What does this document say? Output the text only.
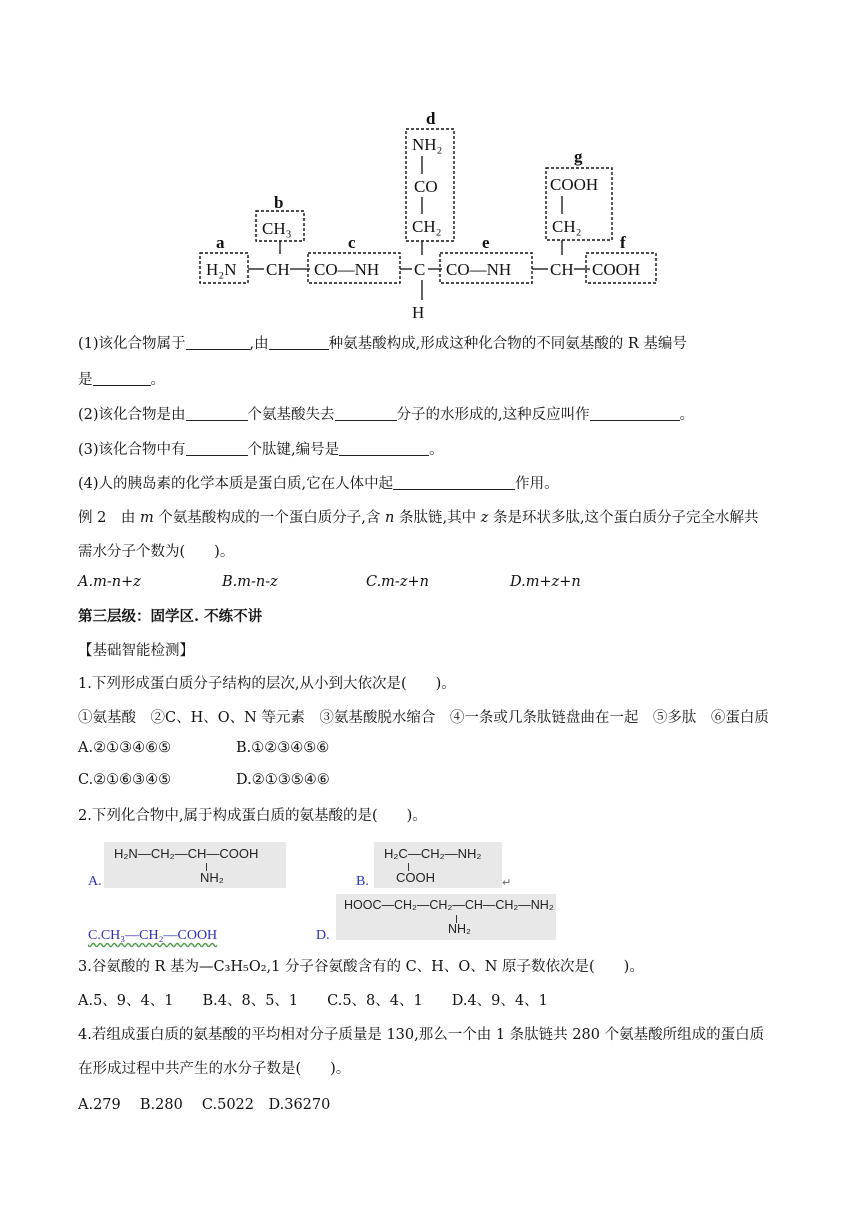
a
b
c
d
e	f
g
H₂N
CH₃
CH CO—NH C CO—NH CH COOH
H
NH₂
CO
CH₂
COOH
CH₂
(1)该化合物属于	,由	种氨基酸构成,形成这种化合物的不同氨基酸的 R 基编号
是	。
(2)该化合物是由	个氨基酸失去	分子的水形成的,这种反应叫作	。
(3)该化合物中有	个肽键,编号是	。
(4)人的胰岛素的化学本质是蛋白质,它在人体中起	作用。
例 2　 由 m 个氨基酸构成的一个蛋白质分子,含 n 条肽链,其中 z 条是环状多肽,这个蛋白质分子完全水解共
需水分子个数为(　　)。
A.m-n+z	B.m-n-z	C.m-z+n	D.m+z+n
第三层级：固学区. 不练不讲
【基础智能检测】
1.下列形成蛋白质分子结构的层次,从小到大依次是(　　)。
①氨基酸　②C、H、O、N 等元素　③氨基酸脱水缩合　④一条或几条肽链盘曲在一起　⑤多肽　⑥蛋白质
A.②①③④⑥⑤	B.①②③④⑤⑥
C.②①⑥③④⑤	D.②①③⑤④⑥
2.下列化合物中,属于构成蛋白质的氨基酸的是(　　)。
H₂N—CH₂—CH—COOH
NH₂
A.
H₂C—CH₂—NH₂
COOH
B.	↵
HOOC—CH₂—CH₂—CH—CH₂—NH₂
NH₂
D.
C.CH₃—CH₂—COOH
3.谷氨酸的 R 基为—C₃H₅O₂,1 分子谷氨酸含有的 C、H、O、N 原子数依次是(　　)。
A.5、9、4、1　　B.4、8、5、1　　C.5、8、4、1　　D.4、9、4、1
4.若组成蛋白质的氨基酸的平均相对分子质量是 130,那么一个由 1 条肽链共 280 个氨基酸所组成的蛋白质
在形成过程中共产生的水分子数是(　　)。
A.279　 B.280　 C.5022　D.36270
